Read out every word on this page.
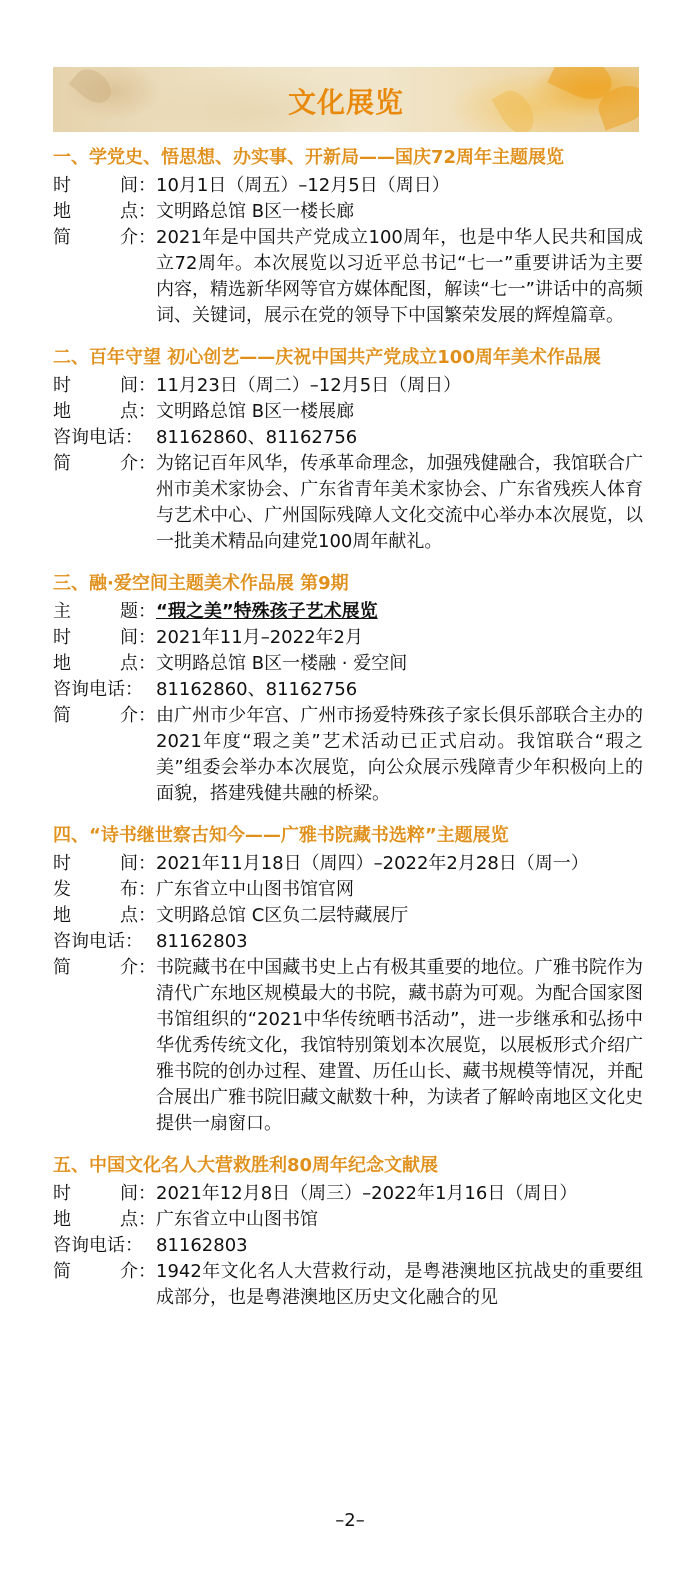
文化展览
一、学党史、悟思想、办实事、开新局——国庆72周年主题展览
时	间： 10月1日（周五）–12月5日（周日）
地	点： 文明路总馆 B区一楼长廊
简	介： 2021年是中国共产党成立100周年，也是中华人民共和国成立72周年。本次展览以习近平总书记“七一”重要讲话为主要内容，精选新华网等官方媒体配图，解读“七一”讲话中的高频词、关键词，展示在党的领导下中国繁荣发展的辉煌篇章。
二、百年守望 初心创艺——庆祝中国共产党成立100周年美术作品展
时	间： 11月23日（周二）–12月5日（周日）
地	点： 文明路总馆 B区一楼展廊
咨询电话： 81162860、81162756
简	介： 为铭记百年风华，传承革命理念，加强残健融合，我馆联合广州市美术家协会、广东省青年美术家协会、广东省残疾人体育与艺术中心、广州国际残障人文化交流中心举办本次展览，以一批美术精品向建党100周年献礼。
三、融·爱空间主题美术作品展 第9期
主	题： “瑕之美”特殊孩子艺术展览
时	间： 2021年11月–2022年2月
地	点： 文明路总馆 B区一楼融 · 爱空间
咨询电话： 81162860、81162756
简	介： 由广州市少年宫、广州市扬爱特殊孩子家长俱乐部联合主办的2021年度“瑕之美”艺术活动已正式启动。我馆联合“瑕之美”组委会举办本次展览，向公众展示残障青少年积极向上的面貌，搭建残健共融的桥梁。
四、“诗书继世察古知今——广雅书院藏书选粹”主题展览
时	间： 2021年11月18日（周四）–2022年2月28日（周一）
发	布： 广东省立中山图书馆官网
地	点： 文明路总馆 C区负二层特藏展厅
咨询电话： 81162803
简	介： 书院藏书在中国藏书史上占有极其重要的地位。广雅书院作为清代广东地区规模最大的书院，藏书蔚为可观。为配合国家图书馆组织的“2021中华传统晒书活动”，进一步继承和弘扬中华优秀传统文化，我馆特别策划本次展览，以展板形式介绍广雅书院的创办过程、建置、历任山长、藏书规模等情况，并配合展出广雅书院旧藏文献数十种，为读者了解岭南地区文化史提供一扇窗口。
五、中国文化名人大营救胜利80周年纪念文献展
时	间： 2021年12月8日（周三）–2022年1月16日（周日）
地	点： 广东省立中山图书馆
咨询电话： 81162803
简	介： 1942年文化名人大营救行动，是粤港澳地区抗战史的重要组成部分，也是粤港澳地区历史文化融合的见
–2–
